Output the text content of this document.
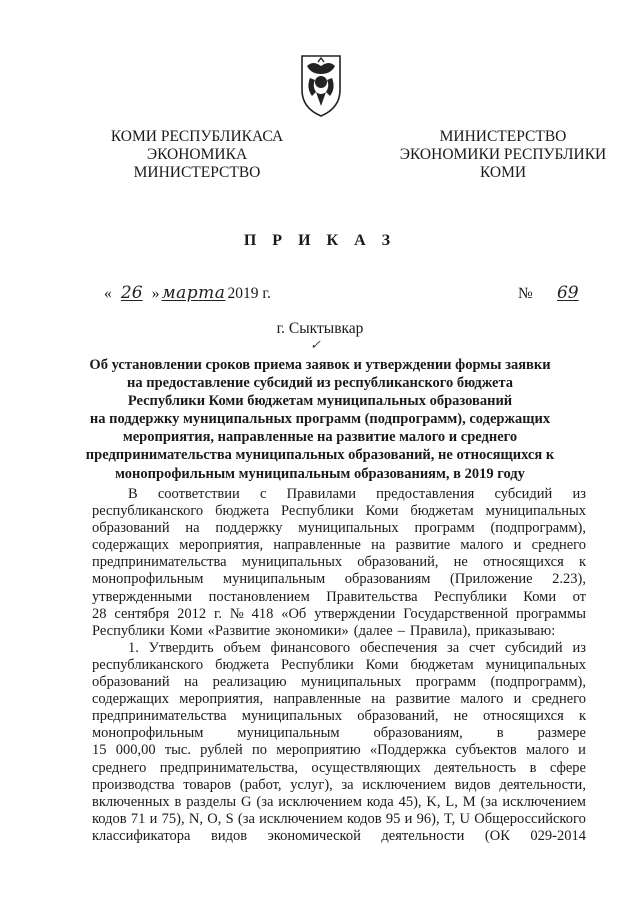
КОМИ РЕСПУБЛИКАСА
ЭКОНОМИКА
МИНИСТЕРСТВО
МИНИСТЕРСТВО
ЭКОНОМИКИ РЕСПУБЛИКИ
КОМИ
П Р И К А З
« 26 » марта 2019 г.	№ 69
г. Сыктывкар
✓
Об установлении сроков приема заявок и утверждении формы заявки
на предоставление субсидий из республиканского бюджета
Республики Коми бюджетам муниципальных образований
на поддержку муниципальных программ (подпрограмм), содержащих
мероприятия, направленные на развитие малого и среднего
предпринимательства муниципальных образований, не относящихся к
монопрофильным муниципальным образованиям, в 2019 году
В соответствии с Правилами предоставления субсидий из
республиканского бюджета Республики Коми бюджетам муниципальных
образований на поддержку муниципальных программ (подпрограмм),
содержащих мероприятия, направленные на развитие малого и среднего
предпринимательства муниципальных образований, не относящихся к
монопрофильным муниципальным образованиям (Приложение 2.23),
утвержденными постановлением Правительства Республики Коми от
28 сентября 2012 г. № 418 «Об утверждении Государственной программы
Республики Коми «Развитие экономики» (далее – Правила), приказываю:
1. Утвердить объем финансового обеспечения за счет субсидий из
республиканского бюджета Республики Коми бюджетам муниципальных
образований на реализацию муниципальных программ (подпрограмм),
содержащих мероприятия, направленные на развитие малого и среднего
предпринимательства муниципальных образований, не относящихся к
монопрофильным муниципальным образованиям, в размере
15 000,00 тыс. рублей по мероприятию «Поддержка субъектов малого и
среднего предпринимательства, осуществляющих деятельность в сфере
производства товаров (работ, услуг), за исключением видов деятельности,
включенных в разделы G (за исключением кода 45), K, L, M (за исключением
кодов 71 и 75), N, O, S (за исключением кодов 95 и 96), T, U Общероссийского
классификатора видов экономической деятельности (ОК 029-2014
